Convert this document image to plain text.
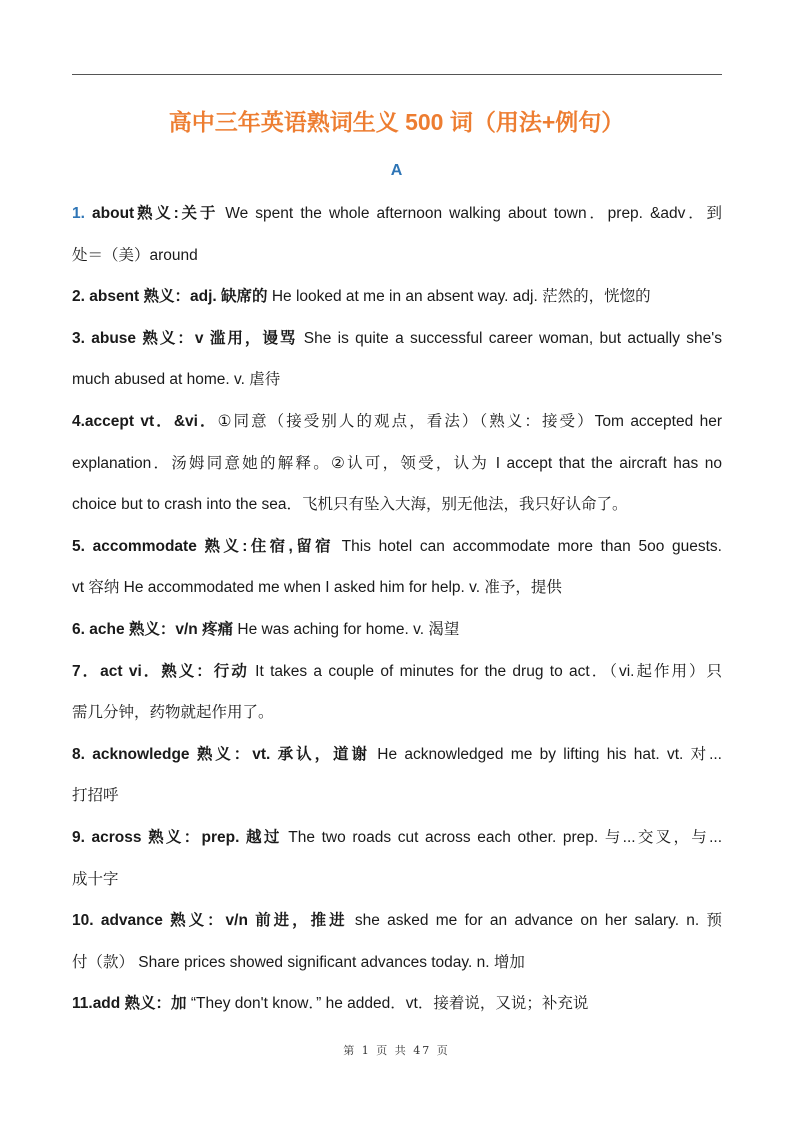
高中三年英语熟词生义 500 词（用法+例句）
A
1. about熟义:关于 We spent the whole afternoon walking about town．prep. &adv．到
处＝（美）around
2. absent 熟义：adj. 缺席的 He looked at me in an absent way. adj. 茫然的，恍惚的
3. abuse 熟义：v 滥用，谩骂 She is quite a successful career woman, but actually she's
much abused at home. v. 虐待
4.accept vt．&vi．①同意（接受别人的观点，看法）（熟义：接受）Tom accepted her
explanation．汤姆同意她的解释。②认可，领受，认为 I accept that the aircraft has no
choice but to crash into the sea．飞机只有坠入大海，别无他法，我只好认命了。
5. accommodate 熟义:住宿,留宿 This hotel can accommodate more than 5oo guests.
vt 容纳 He accommodated me when I asked him for help. v. 准予，提供
6. ache 熟义：v/n 疼痛 He was aching for home. v. 渴望
7．act vi．熟义：行动 It takes a couple of minutes for the drug to act．（vi.起作用）只
需几分钟，药物就起作用了。
8. acknowledge 熟义：vt. 承认，道谢 He acknowledged me by lifting his hat. vt. 对...
打招呼
9. across 熟义：prep. 越过 The two roads cut across each other. prep. 与...交叉，与...
成十字
10. advance 熟义：v/n 前进，推进 she asked me for an advance on her salary. n. 预
付（款） Share prices showed significant advances today. n. 增加
11.add 熟义：加 “They don't know．” he added．vt．接着说，又说；补充说
第 1 页 共 47 页
